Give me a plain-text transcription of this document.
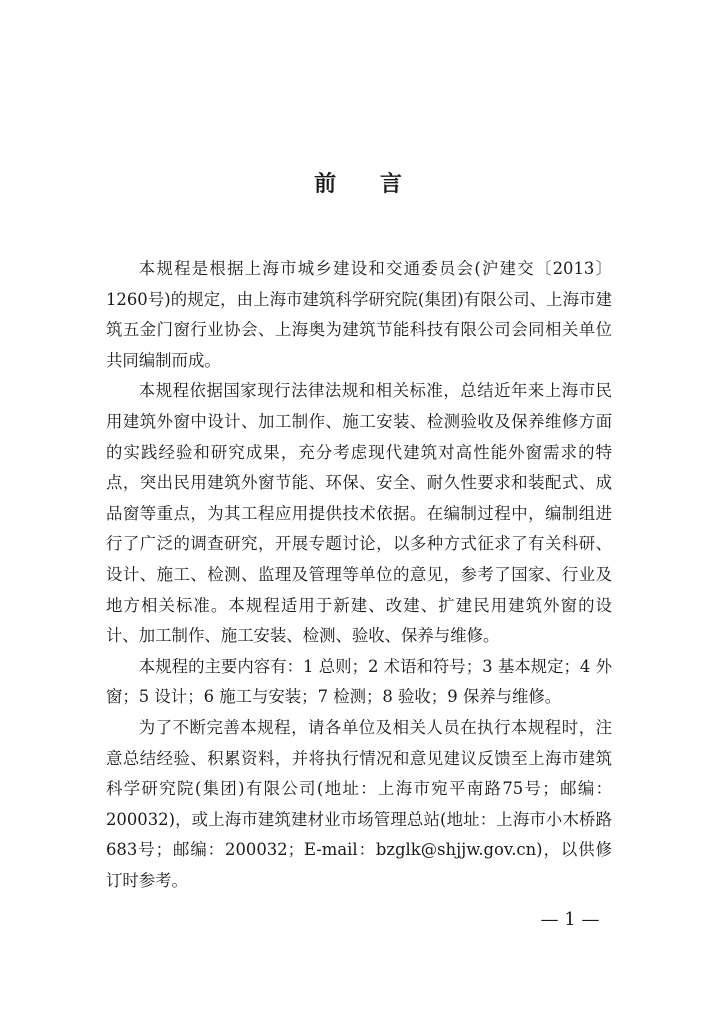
前 言

本规程是根据上海市城乡建设和交通委员会(沪建交〔2013〕1260号)的规定，由上海市建筑科学研究院(集团)有限公司、上海市建筑五金门窗行业协会、上海奥为建筑节能科技有限公司会同相关单位共同编制而成。

本规程依据国家现行法律法规和相关标准，总结近年来上海市民用建筑外窗中设计、加工制作、施工安装、检测验收及保养维修方面的实践经验和研究成果，充分考虑现代建筑对高性能外窗需求的特点，突出民用建筑外窗节能、环保、安全、耐久性要求和装配式、成品窗等重点，为其工程应用提供技术依据。在编制过程中，编制组进行了广泛的调查研究，开展专题讨论，以多种方式征求了有关科研、设计、施工、检测、监理及管理等单位的意见，参考了国家、行业及地方相关标准。本规程适用于新建、改建、扩建民用建筑外窗的设计、加工制作、施工安装、检测、验收、保养与维修。

本规程的主要内容有：1 总则；2 术语和符号；3 基本规定；4 外窗；5 设计；6 施工与安装；7 检测；8 验收；9 保养与维修。

为了不断完善本规程，请各单位及相关人员在执行本规程时，注意总结经验、积累资料，并将执行情况和意见建议反馈至上海市建筑科学研究院(集团)有限公司(地址：上海市宛平南路75号；邮编：200032)，或上海市建筑建材业市场管理总站(地址：上海市小木桥路683号；邮编：200032；E-mail：bzglk@shjjw.gov.cn)，以供修订时参考。

— 1 —
